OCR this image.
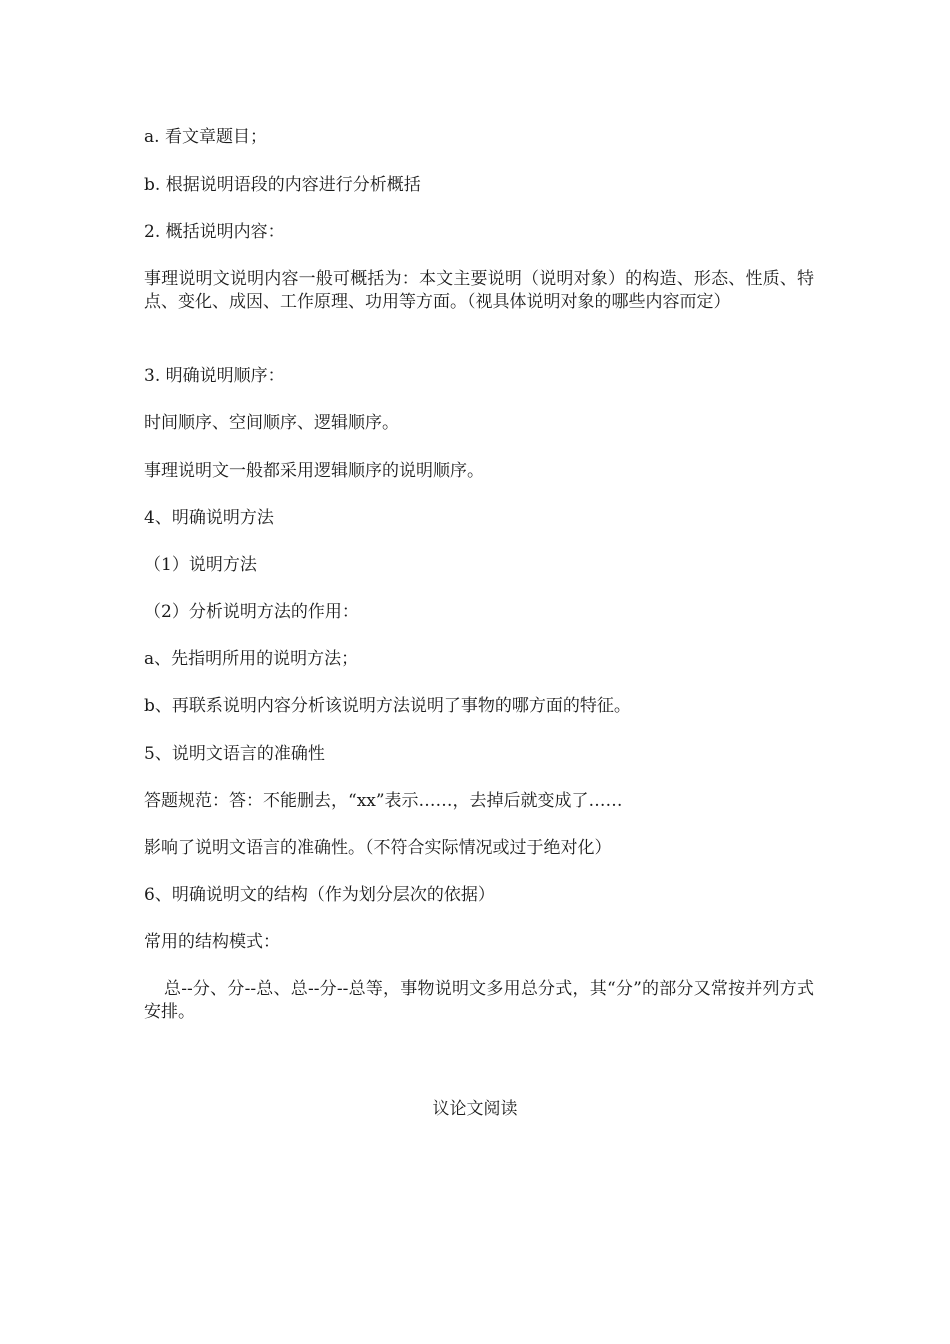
a. 看文章题目；
b. 根据说明语段的内容进行分析概括
2. 概括说明内容：
事理说明文说明内容一般可概括为：本文主要说明（说明对象）的构造、形态、性质、特点、变化、成因、工作原理、功用等方面。（视具体说明对象的哪些内容而定）
3. 明确说明顺序：
时间顺序、空间顺序、逻辑顺序。
事理说明文一般都采用逻辑顺序的说明顺序。
4、明确说明方法
（1）说明方法
（2）分析说明方法的作用：
a、先指明所用的说明方法；
b、再联系说明内容分析该说明方法说明了事物的哪方面的特征。
5、说明文语言的准确性
答题规范：答：不能删去，“xx”表示……，去掉后就变成了……
影响了说明文语言的准确性。（不符合实际情况或过于绝对化）
6、明确说明文的结构（作为划分层次的依据）
常用的结构模式：
总--分、分--总、总--分--总等，事物说明文多用总分式，其“分”的部分又常按并列方式安排。
议论文阅读
